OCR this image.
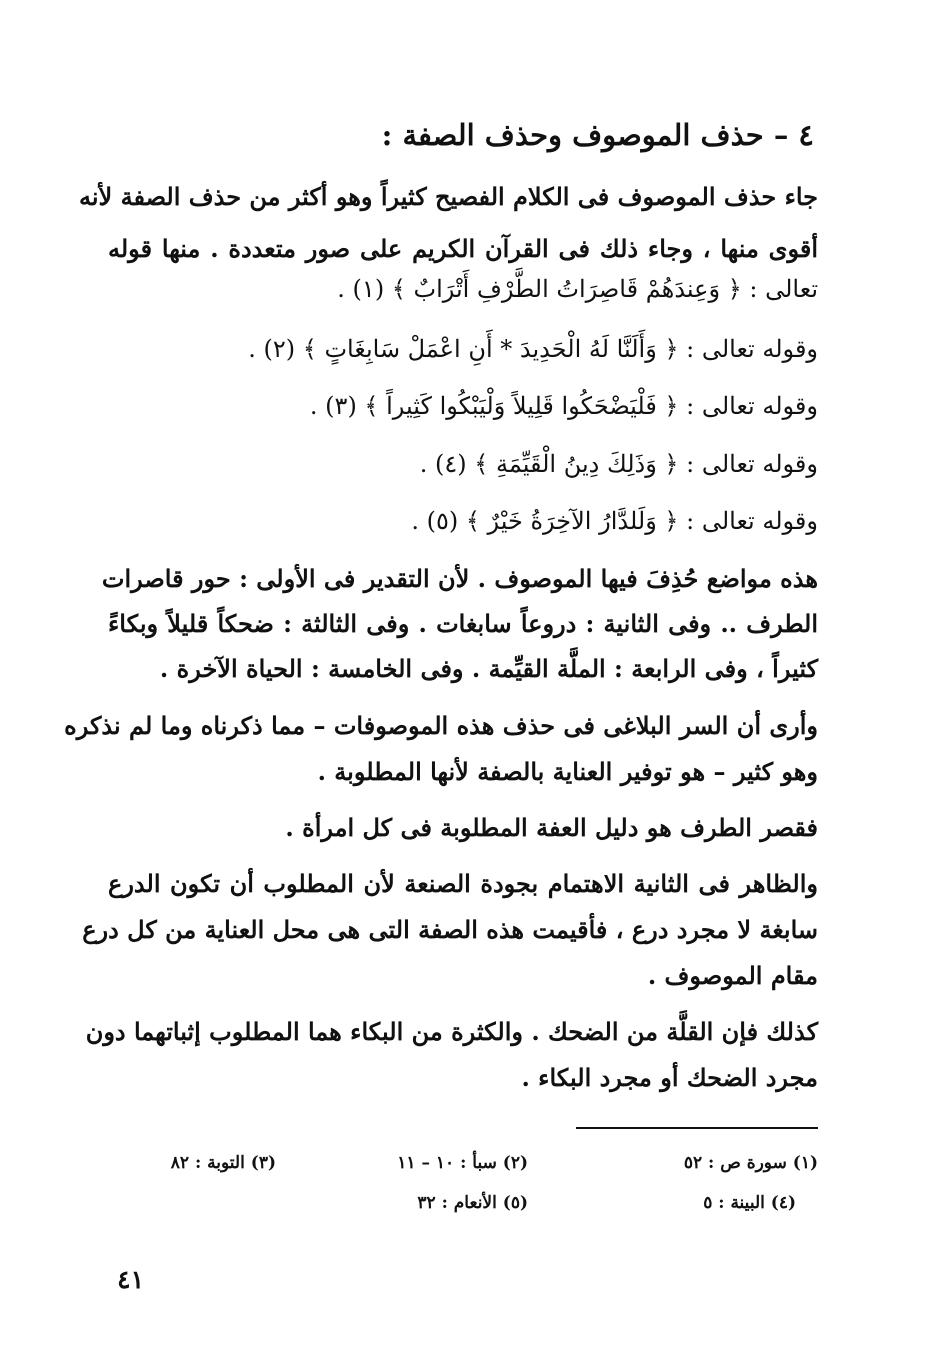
٤ – حذف الموصوف وحذف الصفة :

جاء حذف الموصوف فى الكلام الفصيح كثيراً وهو أكثر من حذف الصفة لأنه

أقوى منها ، وجاء ذلك فى القرآن الكريم على صور متعددة . منها قوله

تعالى : ﴿ وَعِندَهُمْ قَاصِرَاتُ الطَّرْفِ أَتْرَابٌ ﴾ (١) .

وقوله تعالى : ﴿ وَأَلَنَّا لَهُ الْحَدِيدَ * أَنِ اعْمَلْ سَابِغَاتٍ ﴾ (٢) .

وقوله تعالى : ﴿ فَلْيَضْحَكُوا قَلِيلاً وَلْيَبْكُوا كَثِيراً ﴾ (٣) .

وقوله تعالى : ﴿ وَذَلِكَ دِينُ الْقَيِّمَةِ ﴾ (٤) .

وقوله تعالى : ﴿ وَلَلدَّارُ الآخِرَةُ خَيْرٌ ﴾ (٥) .

هذه مواضع حُذِفَ فيها الموصوف . لأن التقدير فى الأولى : حور قاصرات

الطرف .. وفى الثانية : دروعاً سابغات . وفى الثالثة : ضحكاً قليلاً وبكاءً

كثيراً ، وفى الرابعة : الملَّة القيِّمة . وفى الخامسة : الحياة الآخرة .

وأرى أن السر البلاغى فى حذف هذه الموصوفات – مما ذكرناه وما لم نذكره

وهو كثير – هو توفير العناية بالصفة لأنها المطلوبة .

فقصر الطرف هو دليل العفة المطلوبة فى كل امرأة .

والظاهر فى الثانية الاهتمام بجودة الصنعة لأن المطلوب أن تكون الدرع

سابغة لا مجرد درع ، فأقيمت هذه الصفة التى هى محل العناية من كل درع

مقام الموصوف .

كذلك فإن القلَّة من الضحك . والكثرة من البكاء هما المطلوب إثباتهما دون

مجرد الضحك أو مجرد البكاء .

(١) سورة ص : ٥٢
(٢) سبأ : ١٠ – ١١
(٣) التوبة : ٨٢
(٤) البينة : ٥
(٥) الأنعام : ٣٢
٤١
